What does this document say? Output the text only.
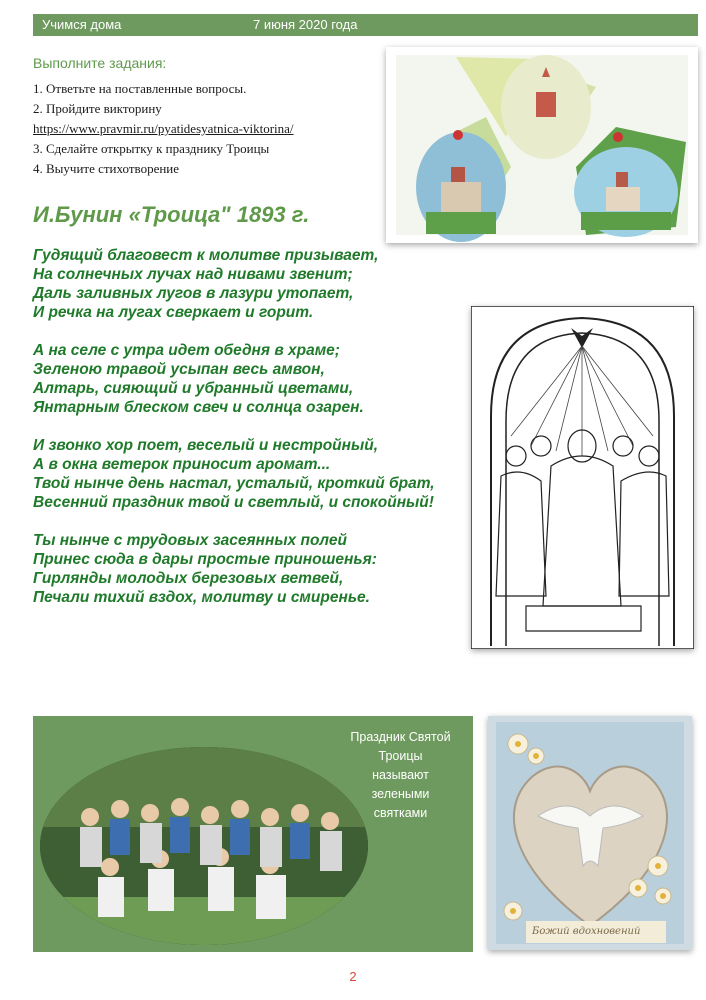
Учимся дома	7 июня 2020 года
Выполните задания:
1. Ответьте на поставленные вопросы.
2. Пройдите викторину https://www.pravmir.ru/pyatidesyatnica-viktorina/
3. Сделайте открытку к празднику Троицы
4. Выучите стихотворение
И.Бунин «Троица" 1893 г.
Гудящий благовест к молитве призывает,
На солнечных лучах над нивами звенит;
Даль заливных лугов в лазури утопает,
И речка на лугах сверкает и горит.
А на селе с утра идет обедня в храме;
Зеленою травой усыпан весь амвон,
Алтарь, сияющий и убранный цветами,
Янтарным блеском свеч и солнца озарен.
И звонко хор поет, веселый и нестройный,
А в окна ветерок приносит аромат...
Твой нынче день настал, усталый, кроткий брат,
Весенний праздник твой и светлый, и спокойный!
Ты нынче с трудовых засеянных полей
Принес сюда в дары простые приношенья:
Гирлянды молодых березовых ветвей,
Печали тихий вздох, молитву и смиренье.
Праздник Святой
Троицы
называют
зелеными
святками
Божий вдохновений
2
